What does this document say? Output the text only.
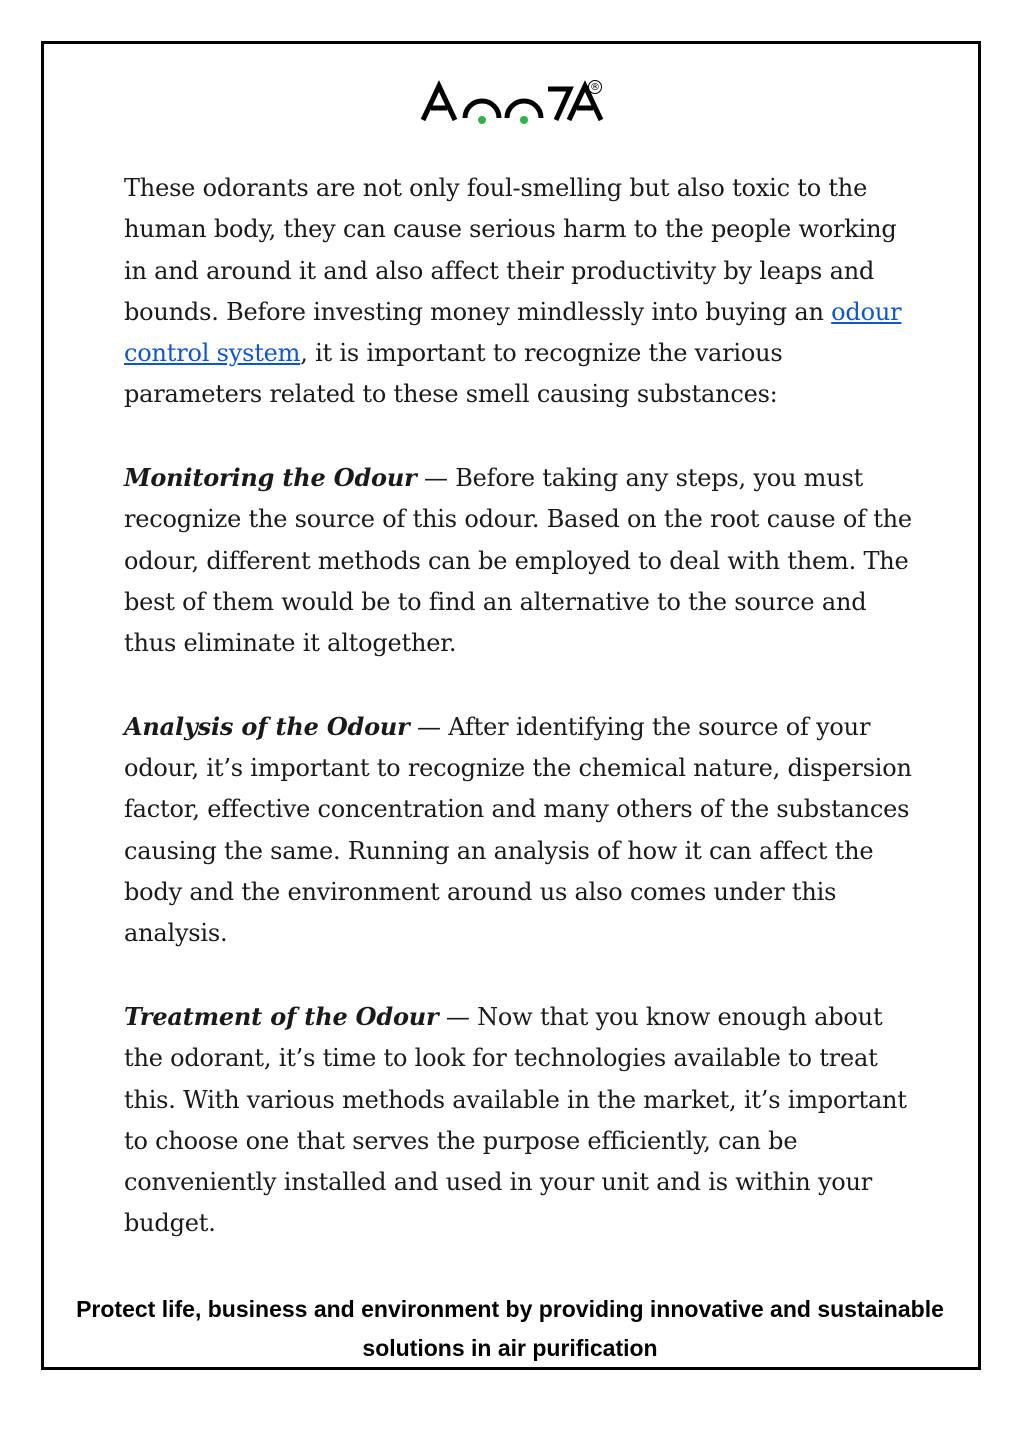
®

These odorants are not only foul-smelling but also toxic to the human body, they can cause serious harm to the people working in and around it and also affect their productivity by leaps and bounds. Before investing money mindlessly into buying an odour control system, it is important to recognize the various parameters related to these smell causing substances:

Monitoring the Odour — Before taking any steps, you must recognize the source of this odour. Based on the root cause of the odour, different methods can be employed to deal with them. The best of them would be to find an alternative to the source and thus eliminate it altogether.

Analysis of the Odour — After identifying the source of your odour, it’s important to recognize the chemical nature, dispersion factor, effective concentration and many others of the substances causing the same. Running an analysis of how it can affect the body and the environment around us also comes under this analysis.

Treatment of the Odour — Now that you know enough about the odorant, it’s time to look for technologies available to treat this. With various methods available in the market, it’s important to choose one that serves the purpose efficiently, can be conveniently installed and used in your unit and is within your budget.

Protect life, business and environment by providing innovative and sustainable solutions in air purification
